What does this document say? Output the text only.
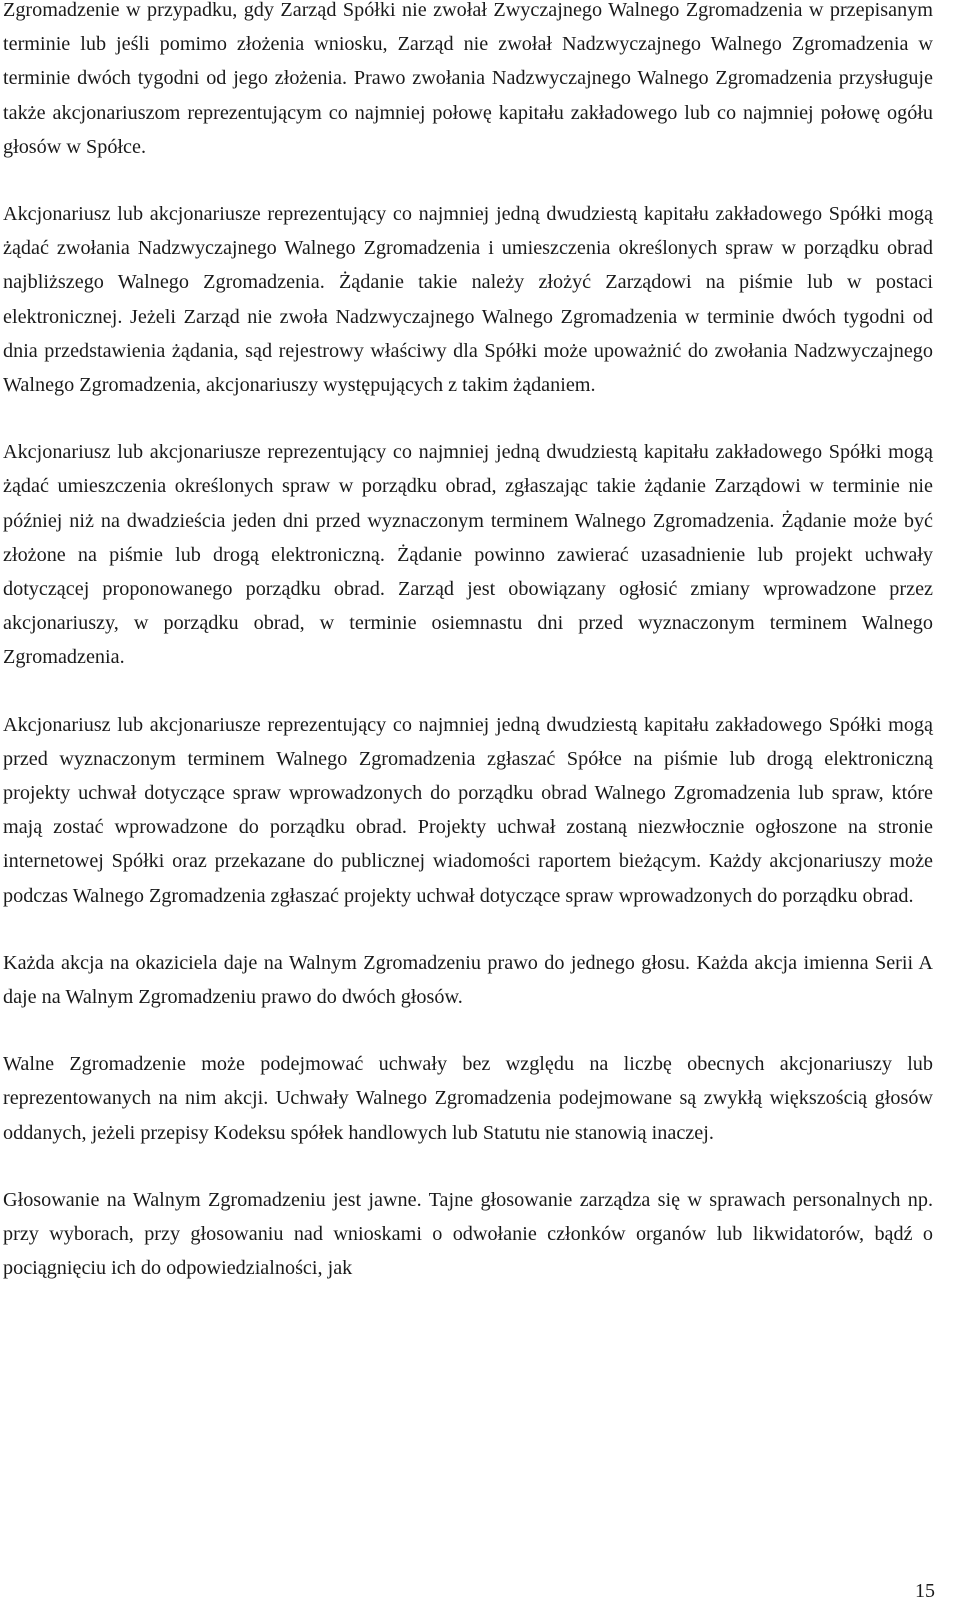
Zgromadzenie w przypadku, gdy Zarząd Spółki nie zwołał Zwyczajnego Walnego Zgromadzenia w przepisanym terminie lub jeśli pomimo złożenia wniosku, Zarząd nie zwołał Nadzwyczajnego Walnego Zgromadzenia w terminie dwóch tygodni od jego złożenia. Prawo zwołania Nadzwyczajnego Walnego Zgromadzenia przysługuje także akcjonariuszom reprezentującym co najmniej połowę kapitału zakładowego lub co najmniej połowę ogółu głosów w Spółce.

Akcjonariusz lub akcjonariusze reprezentujący co najmniej jedną dwudziestą kapitału zakładowego Spółki mogą żądać zwołania Nadzwyczajnego Walnego Zgromadzenia i umieszczenia określonych spraw w porządku obrad najbliższego Walnego Zgromadzenia. Żądanie takie należy złożyć Zarządowi na piśmie lub w postaci elektronicznej. Jeżeli Zarząd nie zwoła Nadzwyczajnego Walnego Zgromadzenia w terminie dwóch tygodni od dnia przedstawienia żądania, sąd rejestrowy właściwy dla Spółki może upoważnić do zwołania Nadzwyczajnego Walnego Zgromadzenia, akcjonariuszy występujących z takim żądaniem.

Akcjonariusz lub akcjonariusze reprezentujący co najmniej jedną dwudziestą kapitału zakładowego Spółki mogą żądać umieszczenia określonych spraw w porządku obrad, zgłaszając takie żądanie Zarządowi w terminie nie później niż na dwadzieścia jeden dni przed wyznaczonym terminem Walnego Zgromadzenia. Żądanie może być złożone na piśmie lub drogą elektroniczną. Żądanie powinno zawierać uzasadnienie lub projekt uchwały dotyczącej proponowanego porządku obrad. Zarząd jest obowiązany ogłosić zmiany wprowadzone przez akcjonariuszy, w porządku obrad, w terminie osiemnastu dni przed wyznaczonym terminem Walnego Zgromadzenia.

Akcjonariusz lub akcjonariusze reprezentujący co najmniej jedną dwudziestą kapitału zakładowego Spółki mogą przed wyznaczonym terminem Walnego Zgromadzenia zgłaszać Spółce na piśmie lub drogą elektroniczną projekty uchwał dotyczące spraw wprowadzonych do porządku obrad Walnego Zgromadzenia lub spraw, które mają zostać wprowadzone do porządku obrad. Projekty uchwał zostaną niezwłocznie ogłoszone na stronie internetowej Spółki oraz przekazane do publicznej wiadomości raportem bieżącym. Każdy akcjonariuszy może podczas Walnego Zgromadzenia zgłaszać projekty uchwał dotyczące spraw wprowadzonych do porządku obrad.

Każda akcja na okaziciela daje na Walnym Zgromadzeniu prawo do jednego głosu. Każda akcja imienna Serii A daje na Walnym Zgromadzeniu prawo do dwóch głosów.

Walne Zgromadzenie może podejmować uchwały bez względu na liczbę obecnych akcjonariuszy lub reprezentowanych na nim akcji. Uchwały Walnego Zgromadzenia podejmowane są zwykłą większością głosów oddanych, jeżeli przepisy Kodeksu spółek handlowych lub Statutu nie stanowią inaczej.

Głosowanie na Walnym Zgromadzeniu jest jawne. Tajne głosowanie zarządza się w sprawach personalnych np. przy wyborach, przy głosowaniu nad wnioskami o odwołanie członków organów lub likwidatorów, bądź o pociągnięciu ich do odpowiedzialności, jak

15
